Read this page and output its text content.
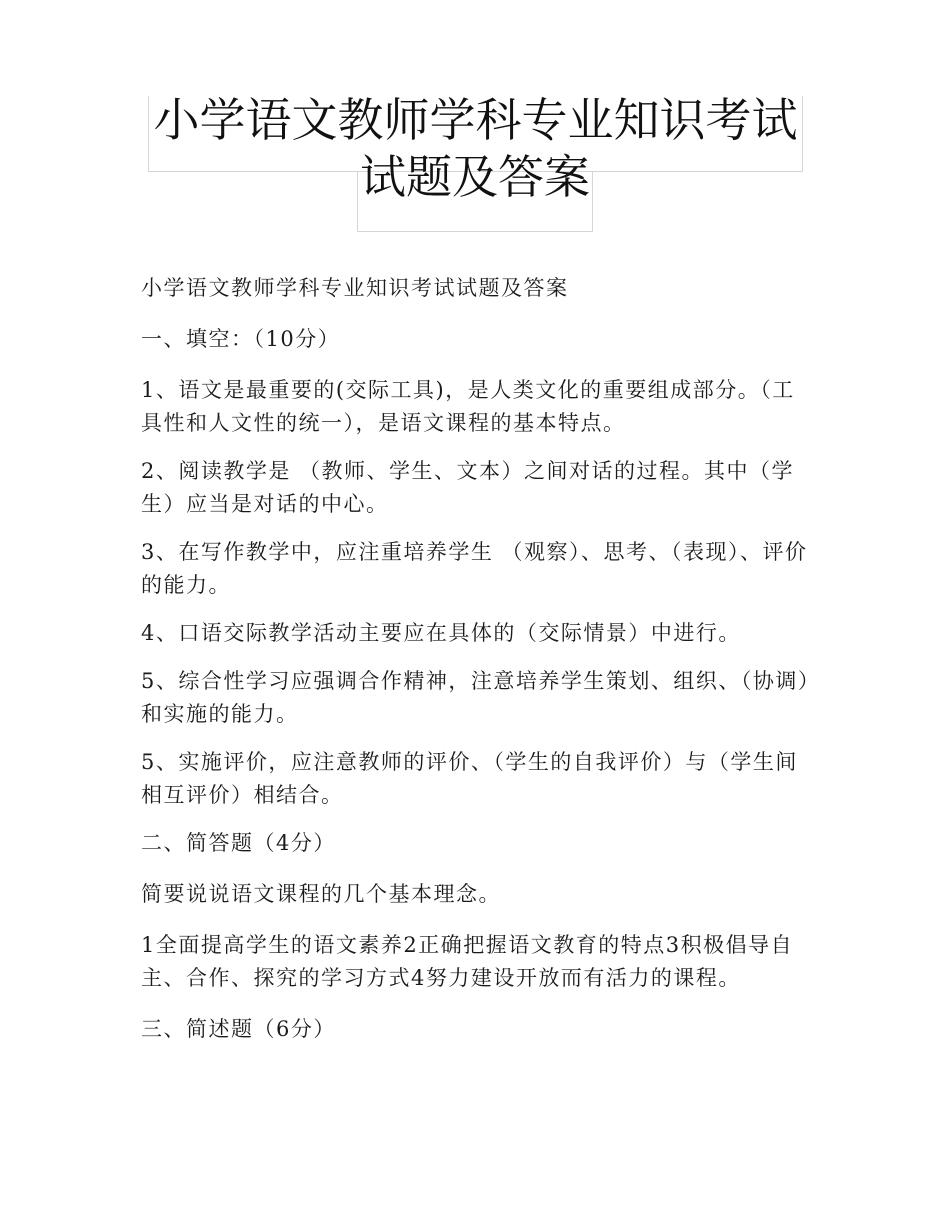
小学语文教师学科专业知识考试
试题及答案

小学语文教师学科专业知识考试试题及答案

一、填空：（10分）

1、语文是最重要的(交际工具)，是人类文化的重要组成部分。（工具性和人文性的统一），是语文课程的基本特点。

2、阅读教学是 （教师、学生、文本）之间对话的过程。其中（学生）应当是对话的中心。

3、在写作教学中，应注重培养学生 （观察）、思考、（表现）、评价的能力。

4、口语交际教学活动主要应在具体的（交际情景）中进行。

5、综合性学习应强调合作精神，注意培养学生策划、组织、（协调）和实施的能力。

5、实施评价，应注意教师的评价、（学生的自我评价）与（学生间相互评价）相结合。

二、简答题（4分）

简要说说语文课程的几个基本理念。

1全面提高学生的语文素养2正确把握语文教育的特点3积极倡导自主、合作、探究的学习方式4努力建设开放而有活力的课程。

三、简述题（6分）
